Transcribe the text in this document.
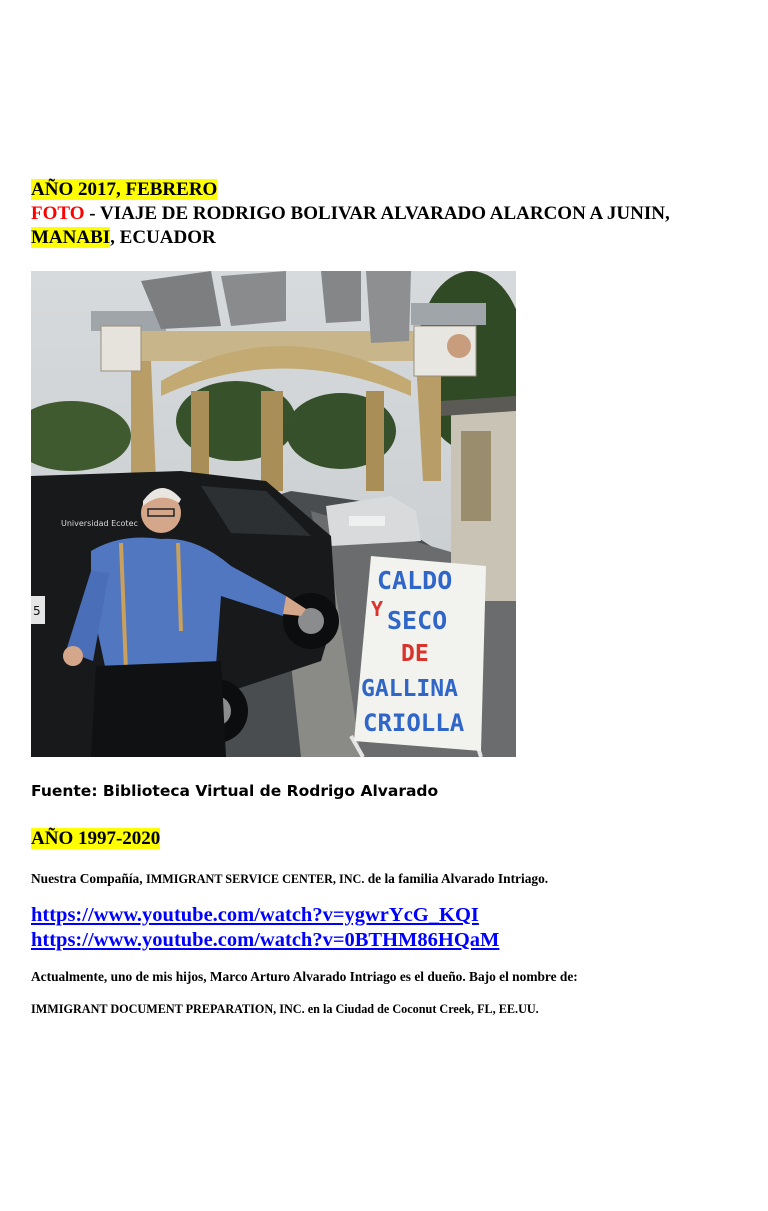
AÑO 2017, FEBRERO
FOTO - VIAJE DE RODRIGO BOLIVAR ALVARADO ALARCON A JUNIN,
MANABI, ECUADOR
Universidad Ecotec
5
CALDO
Y SECO
DE
GALLINA
CRIOLLA
Fuente: Biblioteca Virtual de Rodrigo Alvarado
AÑO 1997-2020
Nuestra Compañía, IMMIGRANT SERVICE CENTER, INC. de la familia Alvarado Intriago.
https://www.youtube.com/watch?v=ygwrYcG_KQI
https://www.youtube.com/watch?v=0BTHM86HQaM
Actualmente, uno de mis hijos, Marco Arturo Alvarado Intriago es el dueño. Bajo el nombre de:
IMMIGRANT DOCUMENT PREPARATION, INC. en la Ciudad de Coconut Creek, FL, EE.UU.
